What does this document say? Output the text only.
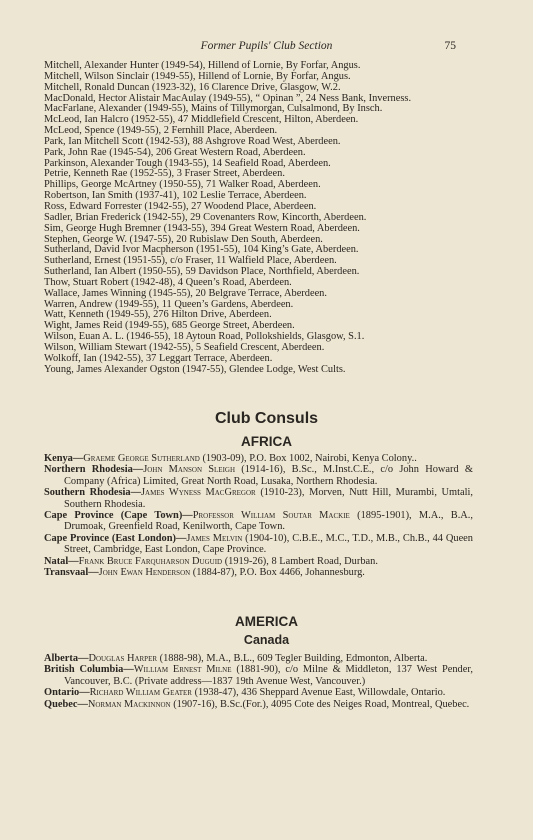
Former Pupils' Club Section	75
Mitchell, Alexander Hunter (1949-54), Hillend of Lornie, By Forfar, Angus.
Mitchell, Wilson Sinclair (1949-55), Hillend of Lornie, By Forfar, Angus.
Mitchell, Ronald Duncan (1923-32), 16 Clarence Drive, Glasgow, W.2.
MacDonald, Hector Alistair MacAulay (1949-55), “ Opinan ”, 24 Ness Bank, Inverness.
MacFarlane, Alexander (1949-55), Mains of Tillymorgan, Culsalmond, By Insch.
McLeod, Ian Halcro (1952-55), 47 Middlefield Crescent, Hilton, Aberdeen.
McLeod, Spence (1949-55), 2 Fernhill Place, Aberdeen.
Park, Ian Mitchell Scott (1942-53), 88 Ashgrove Road West, Aberdeen.
Park, John Rae (1945-54), 206 Great Western Road, Aberdeen.
Parkinson, Alexander Tough (1943-55), 14 Seafield Road, Aberdeen.
Petrie, Kenneth Rae (1952-55), 3 Fraser Street, Aberdeen.
Phillips, George McArtney (1950-55), 71 Walker Road, Aberdeen.
Robertson, Ian Smith (1937-41), 102 Leslie Terrace, Aberdeen.
Ross, Edward Forrester (1942-55), 27 Woodend Place, Aberdeen.
Sadler, Brian Frederick (1942-55), 29 Covenanters Row, Kincorth, Aberdeen.
Sim, George Hugh Bremner (1943-55), 394 Great Western Road, Aberdeen.
Stephen, George W. (1947-55), 20 Rubislaw Den South, Aberdeen.
Sutherland, David Ivor Macpherson (1951-55), 104 King’s Gate, Aberdeen.
Sutherland, Ernest (1951-55), c/o Fraser, 11 Walfield Place, Aberdeen.
Sutherland, Ian Albert (1950-55), 59 Davidson Place, Northfield, Aberdeen.
Thow, Stuart Robert (1942-48), 4 Queen’s Road, Aberdeen.
Wallace, James Winning (1945-55), 20 Belgrave Terrace, Aberdeen.
Warren, Andrew (1949-55), 11 Queen’s Gardens, Aberdeen.
Watt, Kenneth (1949-55), 276 Hilton Drive, Aberdeen.
Wight, James Reid (1949-55), 685 George Street, Aberdeen.
Wilson, Euan A. L. (1946-55), 18 Aytoun Road, Pollokshields, Glasgow, S.1.
Wilson, William Stewart (1942-55), 5 Seafield Crescent, Aberdeen.
Wolkoff, Ian (1942-55), 37 Leggart Terrace, Aberdeen.
Young, James Alexander Ogston (1947-55), Glendee Lodge, West Cults.
Club Consuls
AFRICA
Kenya—Graeme George Sutherland (1903-09), P.O. Box 1002, Nairobi, Kenya Colony..
Northern Rhodesia—John Manson Sleigh (1914-16), B.Sc., M.Inst.C.E., c/o John Howard & Company (Africa) Limited, Great North Road, Lusaka, Northern Rhodesia.
Southern Rhodesia—James Wyness MacGregor (1910-23), Morven, Nutt Hill, Murambi, Umtali, Southern Rhodesia.
Cape Province (Cape Town)—Professor William Soutar Mackie (1895-1901), M.A., B.A., Drumoak, Greenfield Road, Kenilworth, Cape Town.
Cape Province (East London)—James Melvin (1904-10), C.B.E., M.C., T.D., M.B., Ch.B., 44 Queen Street, Cambridge, East London, Cape Province.
Natal—Frank Bruce Farquharson Duguid (1919-26), 8 Lambert Road, Durban.
Transvaal—John Ewan Henderson (1884-87), P.O. Box 4466, Johannesburg.
AMERICA
Canada
Alberta—Douglas Harper (1888-98), M.A., B.L., 609 Tegler Building, Edmonton, Alberta.
British Columbia—William Ernest Milne (1881-90), c/o Milne & Middleton, 137 West Pender, Vancouver, B.C. (Private address—1837 19th Avenue West, Vancouver.)
Ontario—Richard William Geater (1938-47), 436 Sheppard Avenue East, Willowdale, Ontario.
Quebec—Norman Mackinnon (1907-16), B.Sc.(For.), 4095 Cote des Neiges Road, Montreal, Quebec.
